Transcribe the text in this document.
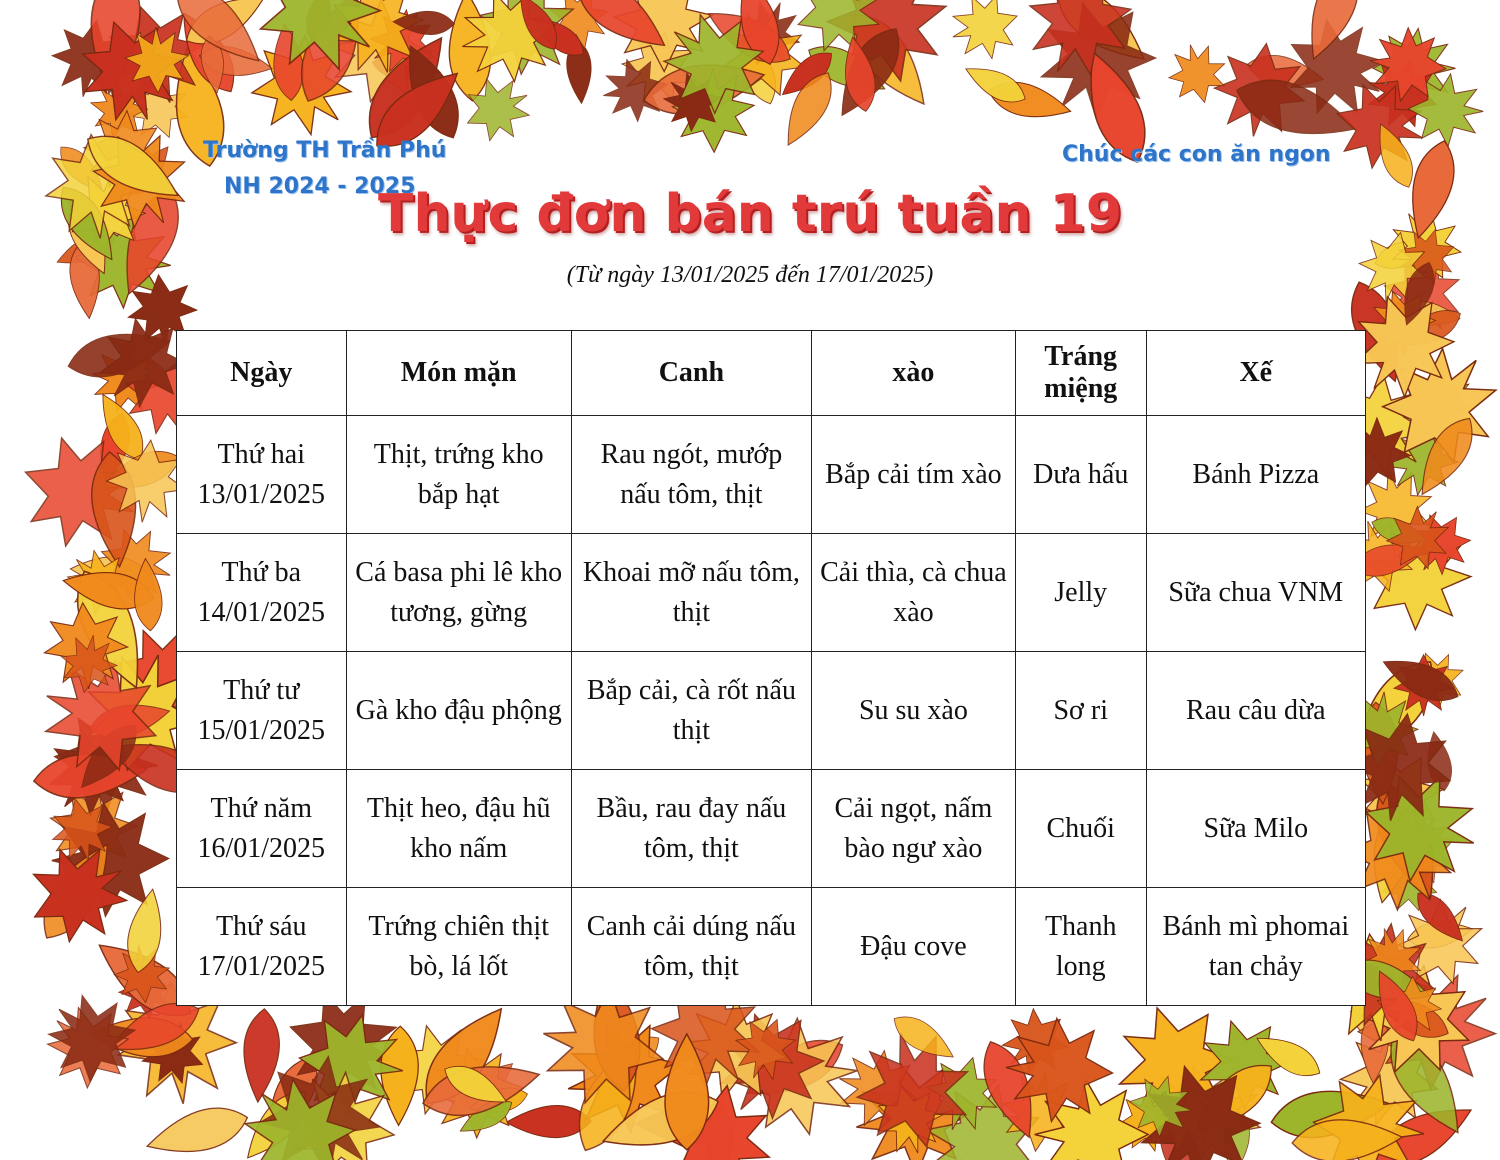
Trường TH Trần Phú
NH 2024 - 2025
Chúc các con ăn ngon
Thực đơn bán trú tuần 19
(Từ ngày 13/01/2025 đến 17/01/2025)
Ngày	Món mặn	Canh	xào	Tráng miệng	Xế

Thứ hai
13/01/2025	Thịt, trứng kho bắp hạt	Rau ngót, mướp nấu tôm, thịt	Bắp cải tím xào	Dưa hấu	Bánh Pizza

Thứ ba
14/01/2025	Cá basa phi lê kho tương, gừng	Khoai mỡ nấu tôm, thịt	Cải thìa, cà chua xào	Jelly	Sữa chua VNM

Thứ tư
15/01/2025	Gà kho đậu phộng	Bắp cải, cà rốt nấu thịt	Su su xào	Sơ ri	Rau câu dừa

Thứ năm
16/01/2025	Thịt heo, đậu hũ kho nấm	Bầu, rau đay nấu tôm, thịt	Cải ngọt, nấm bào ngư xào	Chuối	Sữa Milo

Thứ sáu
17/01/2025	Trứng chiên thịt bò, lá lốt	Canh cải dúng nấu tôm, thịt	Đậu cove	Thanh long	Bánh mì phomai tan chảy
